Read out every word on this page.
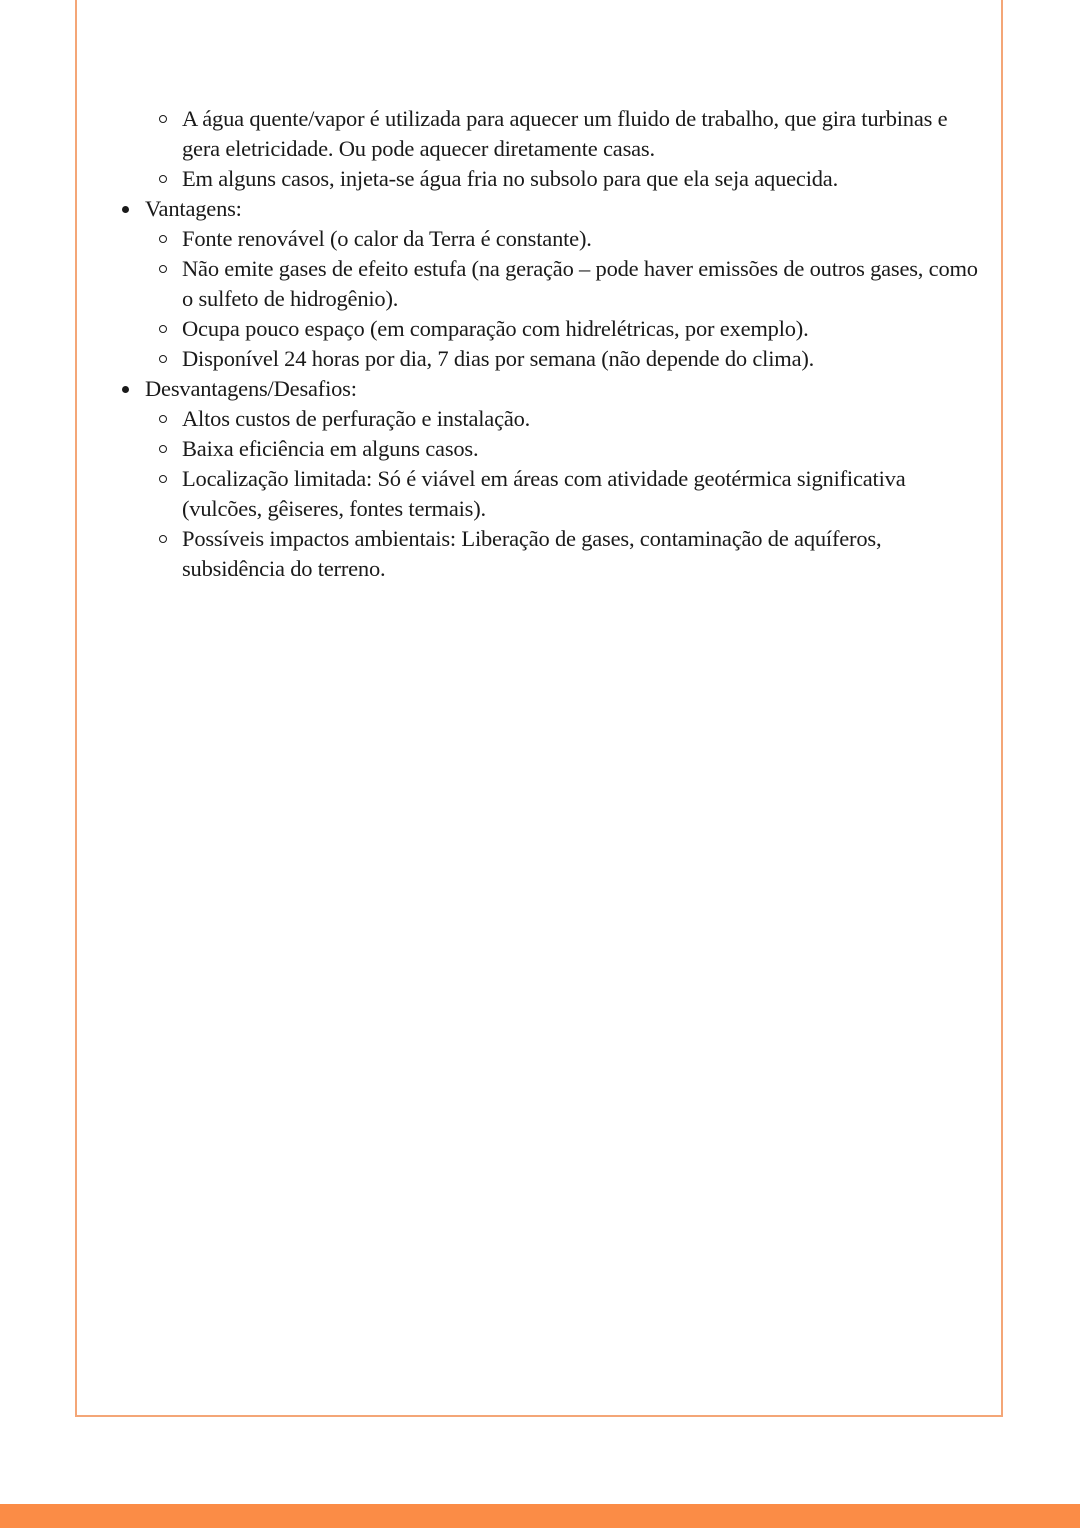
A água quente/vapor é utilizada para aquecer um fluido de trabalho, que gira turbinas e gera eletricidade. Ou pode aquecer diretamente casas.
Em alguns casos, injeta-se água fria no subsolo para que ela seja aquecida.
Vantagens:
Fonte renovável (o calor da Terra é constante).
Não emite gases de efeito estufa (na geração – pode haver emissões de outros gases, como o sulfeto de hidrogênio).
Ocupa pouco espaço (em comparação com hidrelétricas, por exemplo).
Disponível 24 horas por dia, 7 dias por semana (não depende do clima).
Desvantagens/Desafios:
Altos custos de perfuração e instalação.
Baixa eficiência em alguns casos.
Localização limitada: Só é viável em áreas com atividade geotérmica significativa (vulcões, gêiseres, fontes termais).
Possíveis impactos ambientais: Liberação de gases, contaminação de aquíferos, subsidência do terreno.
